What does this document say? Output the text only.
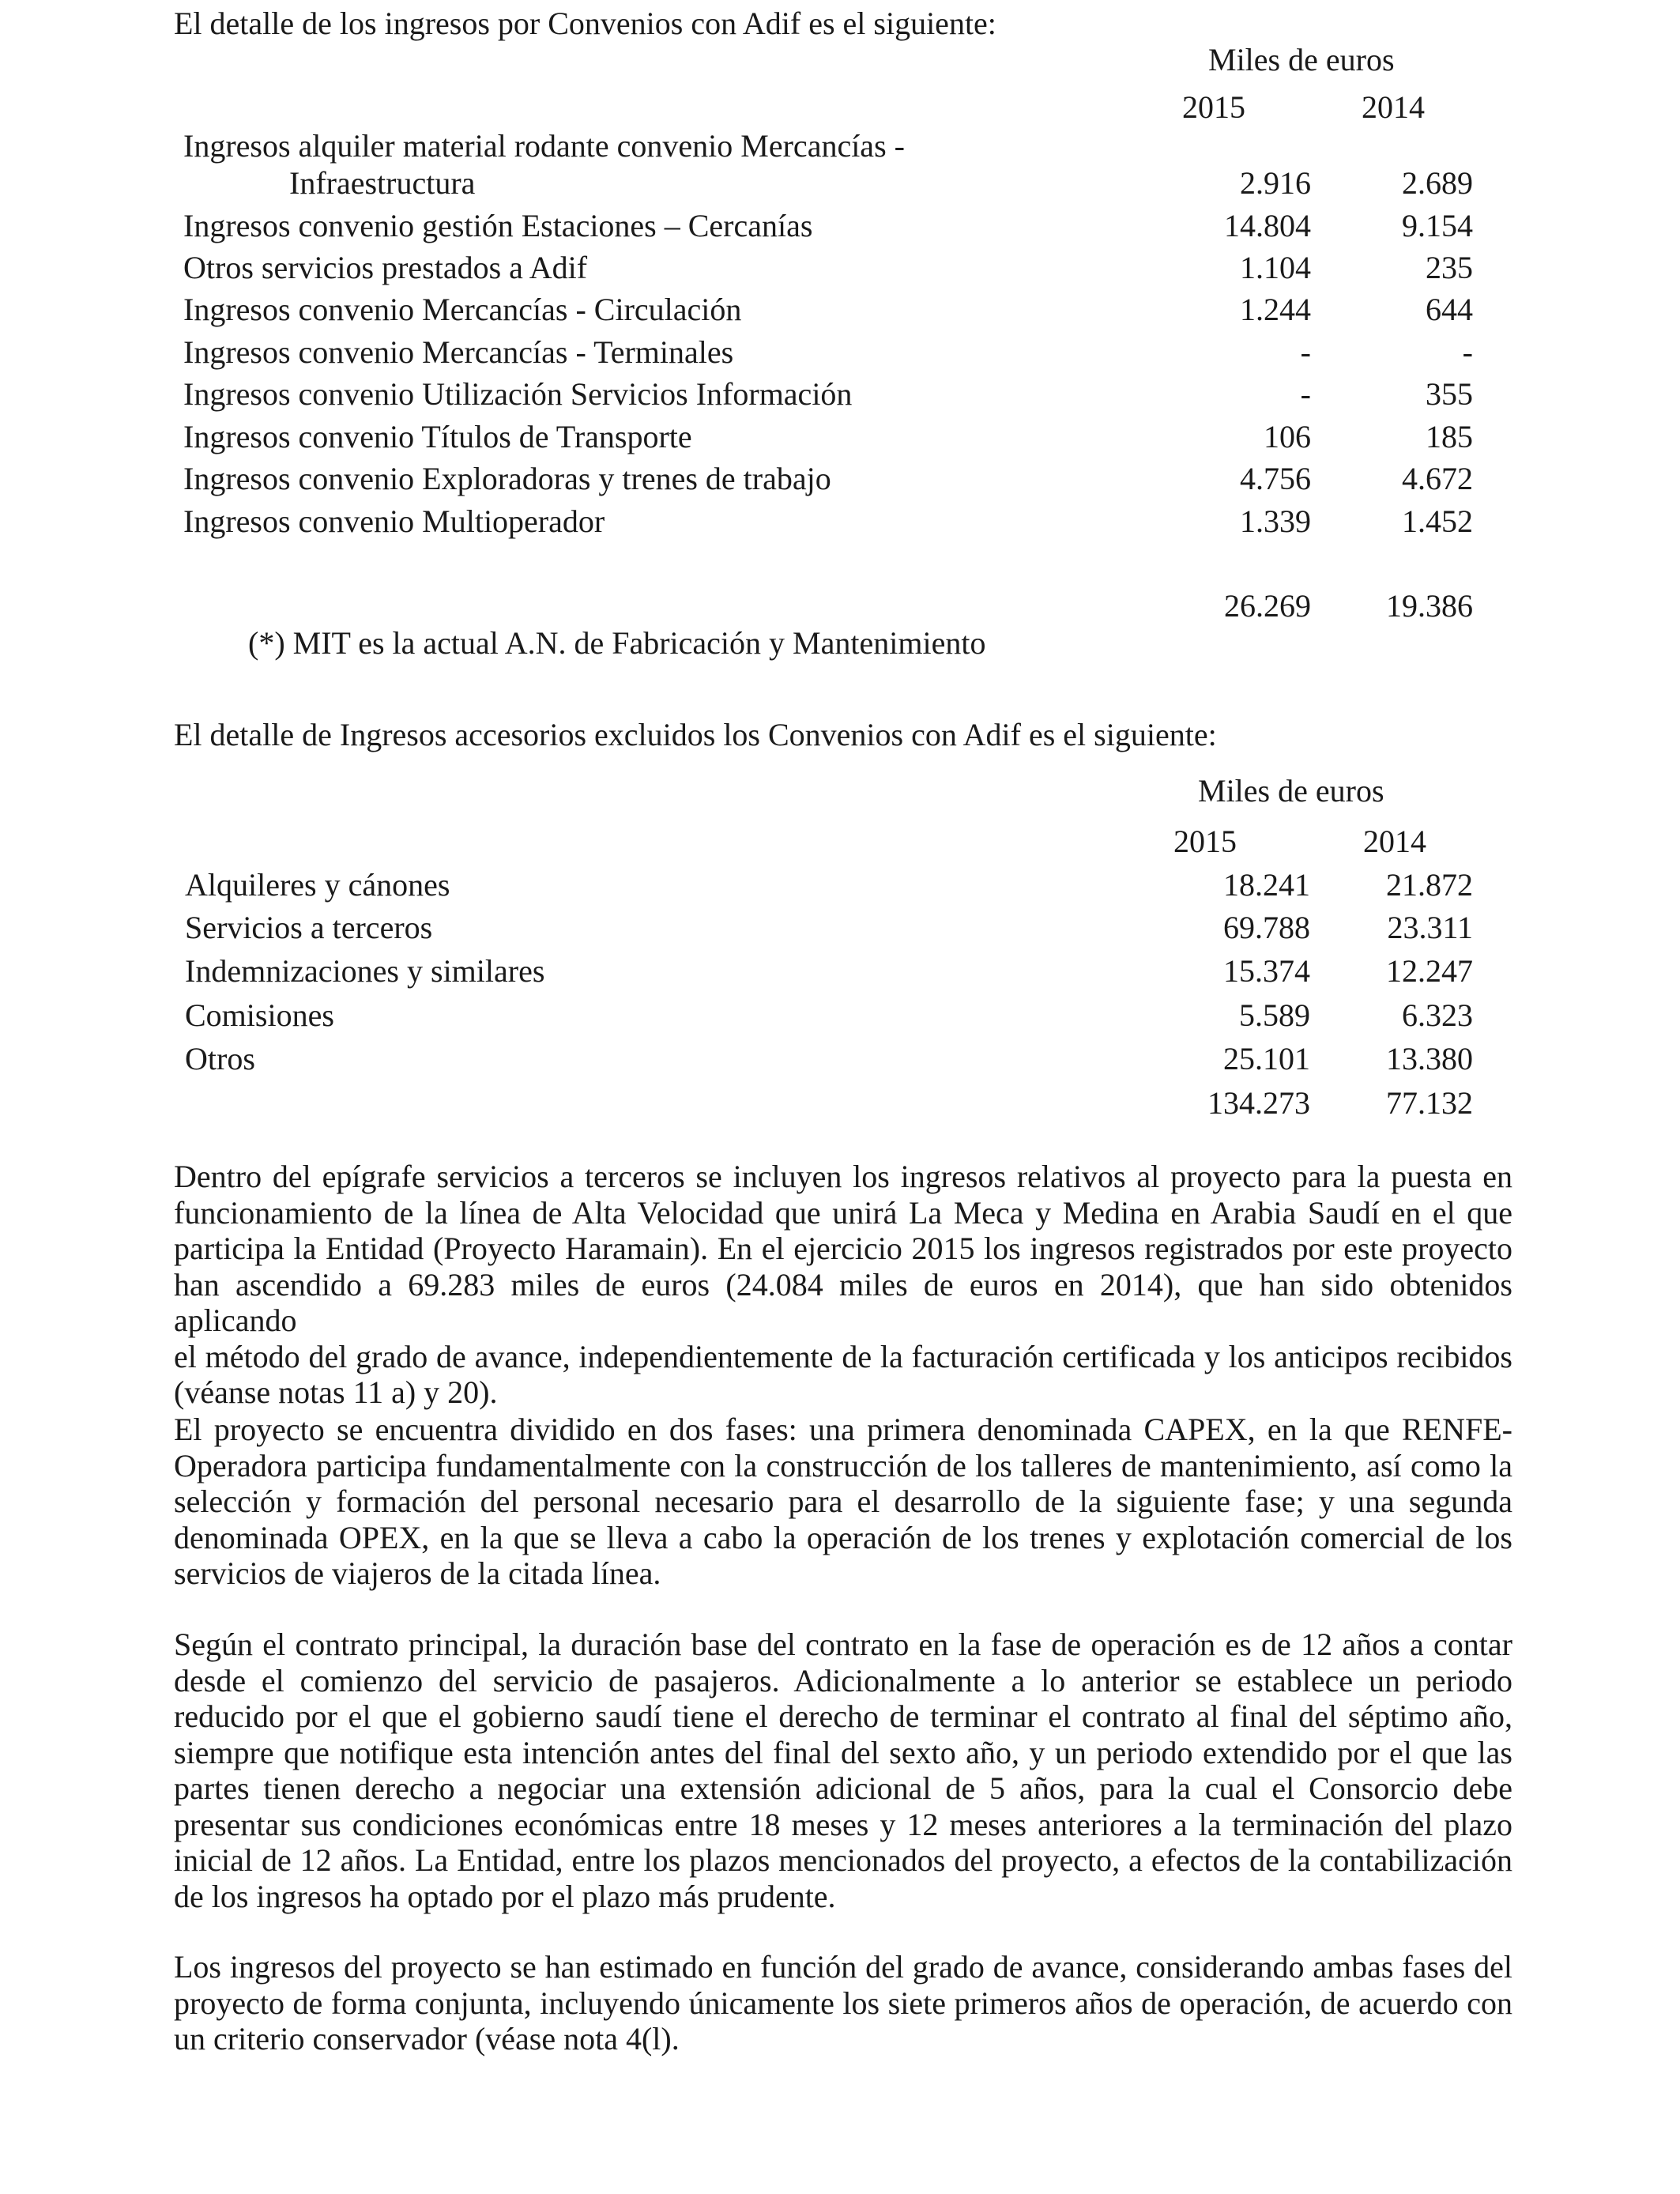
El detalle de los ingresos por Convenios con Adif es el siguiente:
Miles de euros
2015	2014
Ingresos alquiler material rodante convenio Mercancías -
Infraestructura	2.916	2.689
Ingresos convenio gestión Estaciones – Cercanías	14.804	9.154
Otros servicios prestados a Adif	1.104	235
Ingresos convenio Mercancías - Circulación	1.244	644
Ingresos convenio Mercancías - Terminales	-	-
Ingresos convenio Utilización Servicios Información	-	355
Ingresos convenio Títulos de Transporte	106	185
Ingresos convenio Exploradoras y trenes de trabajo	4.756	4.672
Ingresos convenio Multioperador	1.339	1.452
26.269	19.386
(*) MIT es la actual A.N. de Fabricación y Mantenimiento
El detalle de Ingresos accesorios excluidos los Convenios con Adif es el siguiente:
Miles de euros
2015	2014
Alquileres y cánones	18.241	21.872
Servicios a terceros	69.788	23.311
Indemnizaciones y similares	15.374	12.247
Comisiones	5.589	6.323
Otros	25.101	13.380
134.273	77.132
Dentro del epígrafe servicios a terceros se incluyen los ingresos relativos al proyecto para la puesta en
funcionamiento de la línea de Alta Velocidad que unirá La Meca y Medina en Arabia Saudí en el que
participa la Entidad (Proyecto Haramain). En el ejercicio 2015 los ingresos registrados por este proyecto
han ascendido a 69.283 miles de euros (24.084 miles de euros en 2014), que han sido obtenidos aplicando
el método del grado de avance, independientemente de la facturación certificada y los anticipos recibidos
(véanse notas 11 a) y 20).
El proyecto se encuentra dividido en dos fases: una primera denominada CAPEX, en la que RENFE-
Operadora participa fundamentalmente con la construcción de los talleres de mantenimiento, así como la
selección y formación del personal necesario para el desarrollo de la siguiente fase; y una segunda
denominada OPEX, en la que se lleva a cabo la operación de los trenes y explotación comercial de los
servicios de viajeros de la citada línea.
Según el contrato principal, la duración base del contrato en la fase de operación es de 12 años a contar
desde el comienzo del servicio de pasajeros. Adicionalmente a lo anterior se establece un periodo
reducido por el que el gobierno saudí tiene el derecho de terminar el contrato al final del séptimo año,
siempre que notifique esta intención antes del final del sexto año, y un periodo extendido por el que las
partes tienen derecho a negociar una extensión adicional de 5 años, para la cual el Consorcio debe
presentar sus condiciones económicas entre 18 meses y 12 meses anteriores a la terminación del plazo
inicial de 12 años. La Entidad, entre los plazos mencionados del proyecto, a efectos de la contabilización
de los ingresos ha optado por el plazo más prudente.
Los ingresos del proyecto se han estimado en función del grado de avance, considerando ambas fases del
proyecto de forma conjunta, incluyendo únicamente los siete primeros años de operación, de acuerdo con
un criterio conservador (véase nota 4(l).
